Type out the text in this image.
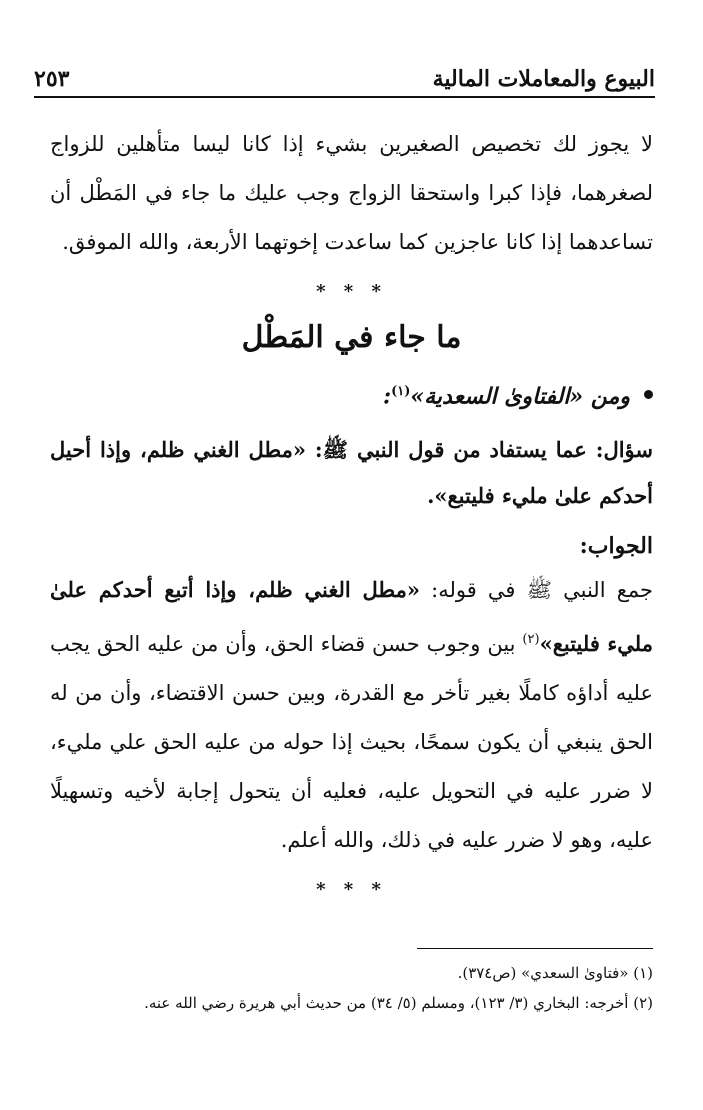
البيوع والمعاملات المالية
٢٥٣

لا يجوز لك تخصيص الصغيرين بشيء إذا كانا ليسا متأهلين للزواج لصغرهما، فإذا كبرا واستحقا الزواج وجب عليك ما جاء في المَطْل أن تساعدهما إذا كانا عاجزين كما ساعدت إخوتهما الأربعة، والله الموفق.

* * *
ما جاء في المَطْل
ومن «الفتاوىٰ السعدية»$^{(١)}$:

سؤال: عما يستفاد من قول النبي ﷺ: «مطل الغني ظلم، وإذا أحيل أحدكم علىٰ مليء فليتبع».

الجواب:

جمع النبي ﷺ في قوله: «مطل الغني ظلم، وإذا أتبع أحدكم علىٰ مليء فليتبع»$^{(٢)}$ بين وجوب حسن قضاء الحق، وأن من عليه الحق يجب عليه أداؤه كاملًا بغير تأخر مع القدرة، وبين حسن الاقتضاء، وأن من له الحق ينبغي أن يكون سمحًا، بحيث إذا حوله من عليه الحق علي مليء، لا ضرر عليه في التحويل عليه، فعليه أن يتحول إجابة لأخيه وتسهيلًا عليه، وهو لا ضرر عليه في ذلك، والله أعلم.

* * *

(١) «فتاوىٰ السعدي» (ص٣٧٤).

(٢) أخرجه: البخاري (٣/ ١٢٣)، ومسلم (٥/ ٣٤) من حديث أبي هريرة رضي الله عنه.
